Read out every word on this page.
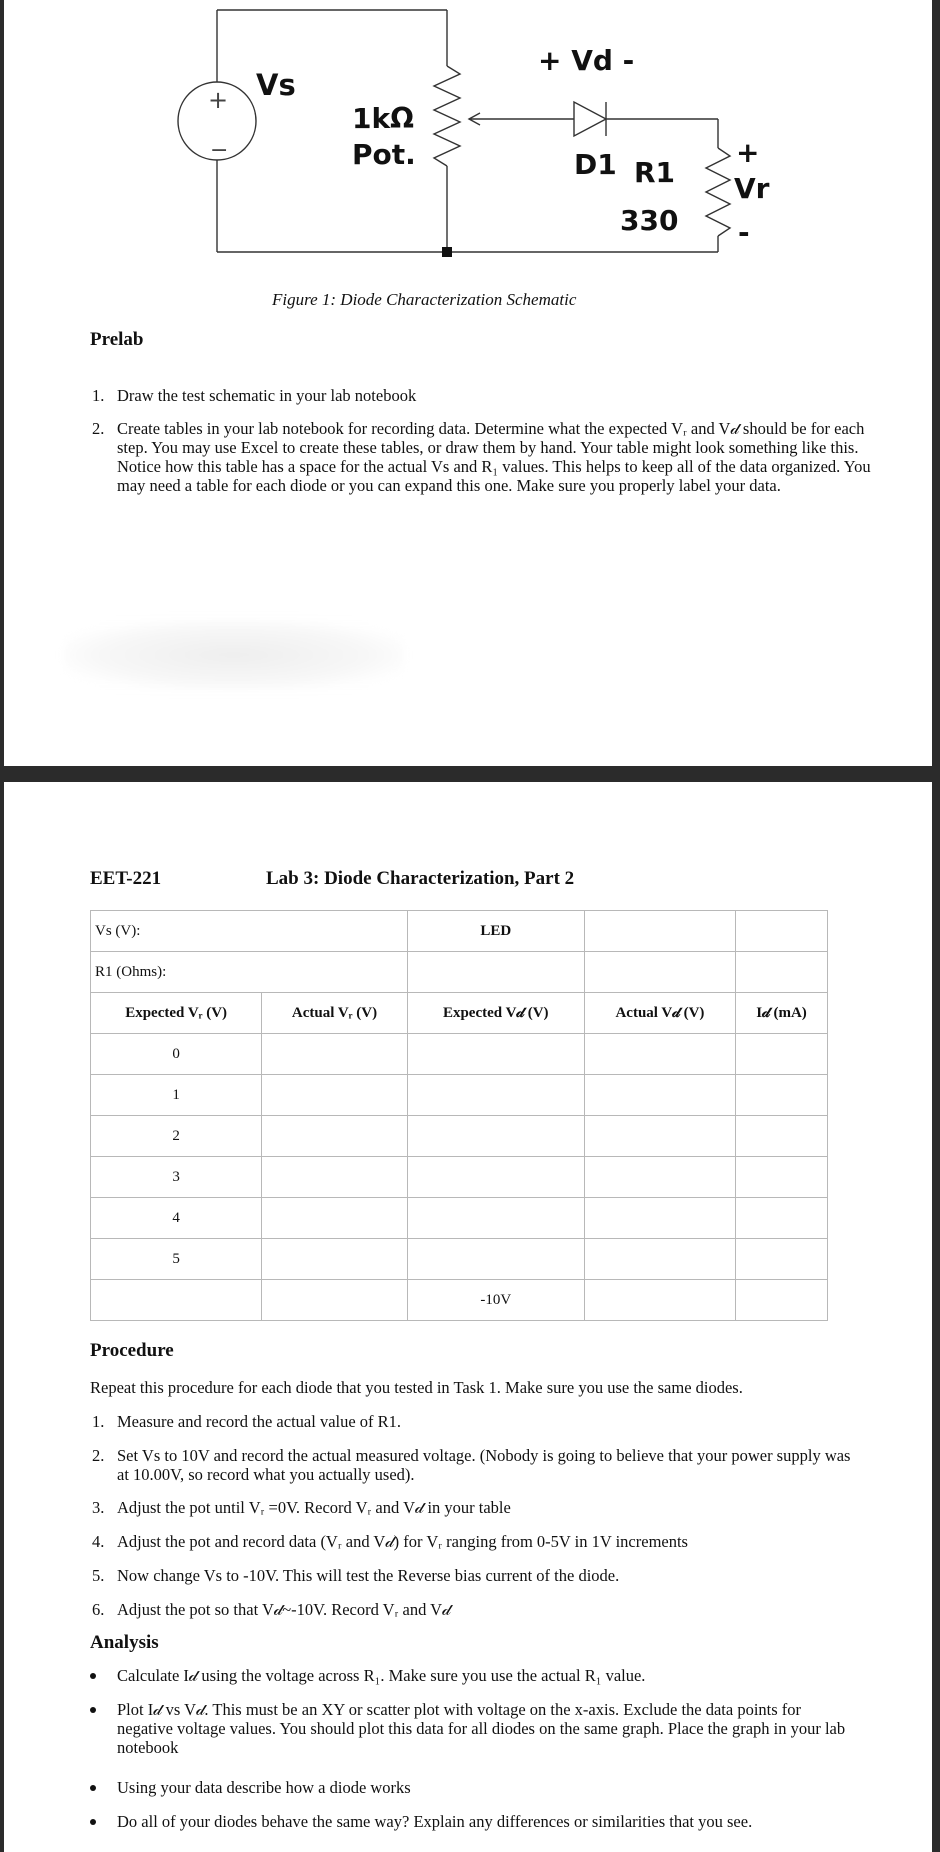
+
−
Vs
1kΩ
Pot.
+ Vd -
D1 R1
330
+
Vr
-
Figure 1: Diode Characterization Schematic
Prelab
1. Draw the test schematic in your lab notebook
2. Create tables in your lab notebook for recording data. Determine what the expected Vᵣ and V𝒹 should be for each step. You may use Excel to create these tables, or draw them by hand. Your table might look something like this. Notice how this table has a space for the actual Vs and R₁ values. This helps to keep all of the data organized. You may need a table for each diode or you can expand this one. Make sure you properly label your data.
EET-221	Lab 3: Diode Characterization, Part 2
Vs (V):		LED		
R1 (Ohms):				
Expected Vᵣ (V)	Actual Vᵣ (V)	Expected V𝒹 (V)	Actual V𝒹 (V)	I𝒹 (mA)
0				
1				
2				
3				
4				
5				
		-10V		
Procedure
Repeat this procedure for each diode that you tested in Task 1. Make sure you use the same diodes.
1. Measure and record the actual value of R1.
2. Set Vs to 10V and record the actual measured voltage. (Nobody is going to believe that your power supply was at 10.00V, so record what you actually used).
3. Adjust the pot until Vᵣ =0V. Record Vᵣ and V𝒹 in your table
4. Adjust the pot and record data (Vᵣ and V𝒹) for Vᵣ ranging from 0-5V in 1V increments
5. Now change Vs to -10V. This will test the Reverse bias current of the diode.
6. Adjust the pot so that V𝒹~-10V. Record Vᵣ and V𝒹
Analysis
Calculate I𝒹 using the voltage across R₁. Make sure you use the actual R₁ value.
Plot I𝒹 vs V𝒹. This must be an XY or scatter plot with voltage on the x-axis. Exclude the data points for negative voltage values. You should plot this data for all diodes on the same graph. Place the graph in your lab notebook
Using your data describe how a diode works
Do all of your diodes behave the same way? Explain any differences or similarities that you see.
